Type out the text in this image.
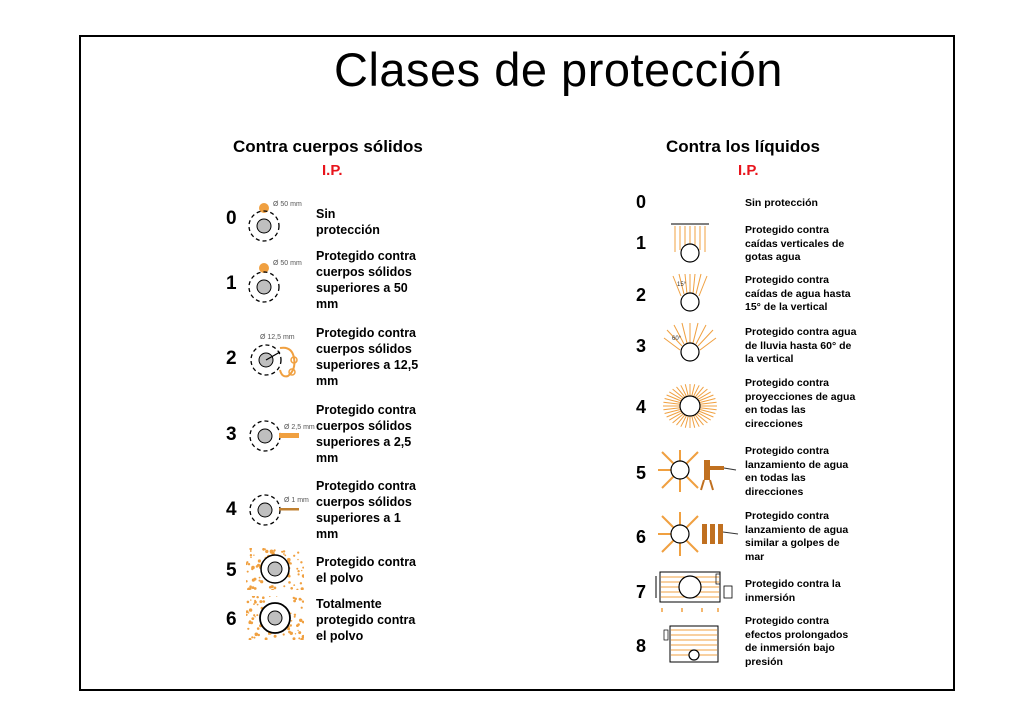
Clases de protección
Contra cuerpos sólidos
I.P.
0
Ø 50 mm
Sin
protección
1
Ø 50 mm
Protegido contra
cuerpos sólidos
superiores a 50
mm
2
Ø 12,5 mm Protegido contra
cuerpos sólidos
superiores a 12,5
mm
3	Ø 2,5 mm
Protegido contra
cuerpos sólidos
superiores a 2,5
mm
4	Ø 1 mm
Protegido contra
cuerpos sólidos
superiores a 1
mm
5	Protegido contra
el polvo
6
Totalmente
protegido contra
el polvo
Contra los líquidos
I.P.
0	Sin protección
1
Protegido contra
caídas verticales de
gotas agua
2	15°	Protegido contra
caídas de agua hasta
15° de la vertical
3	60°
Protegido contra agua
de lluvia hasta 60° de
la vertical
4
Protegido contra
proyecciones de agua
en todas las
cirecciones
5
Protegido contra
lanzamiento de agua
en todas las
direcciones
6
Protegido contra
lanzamiento de agua
similar a golpes de
mar
7	Protegido contra la
inmersión
8
Protegido contra
efectos prolongados
de inmersión bajo
presión
